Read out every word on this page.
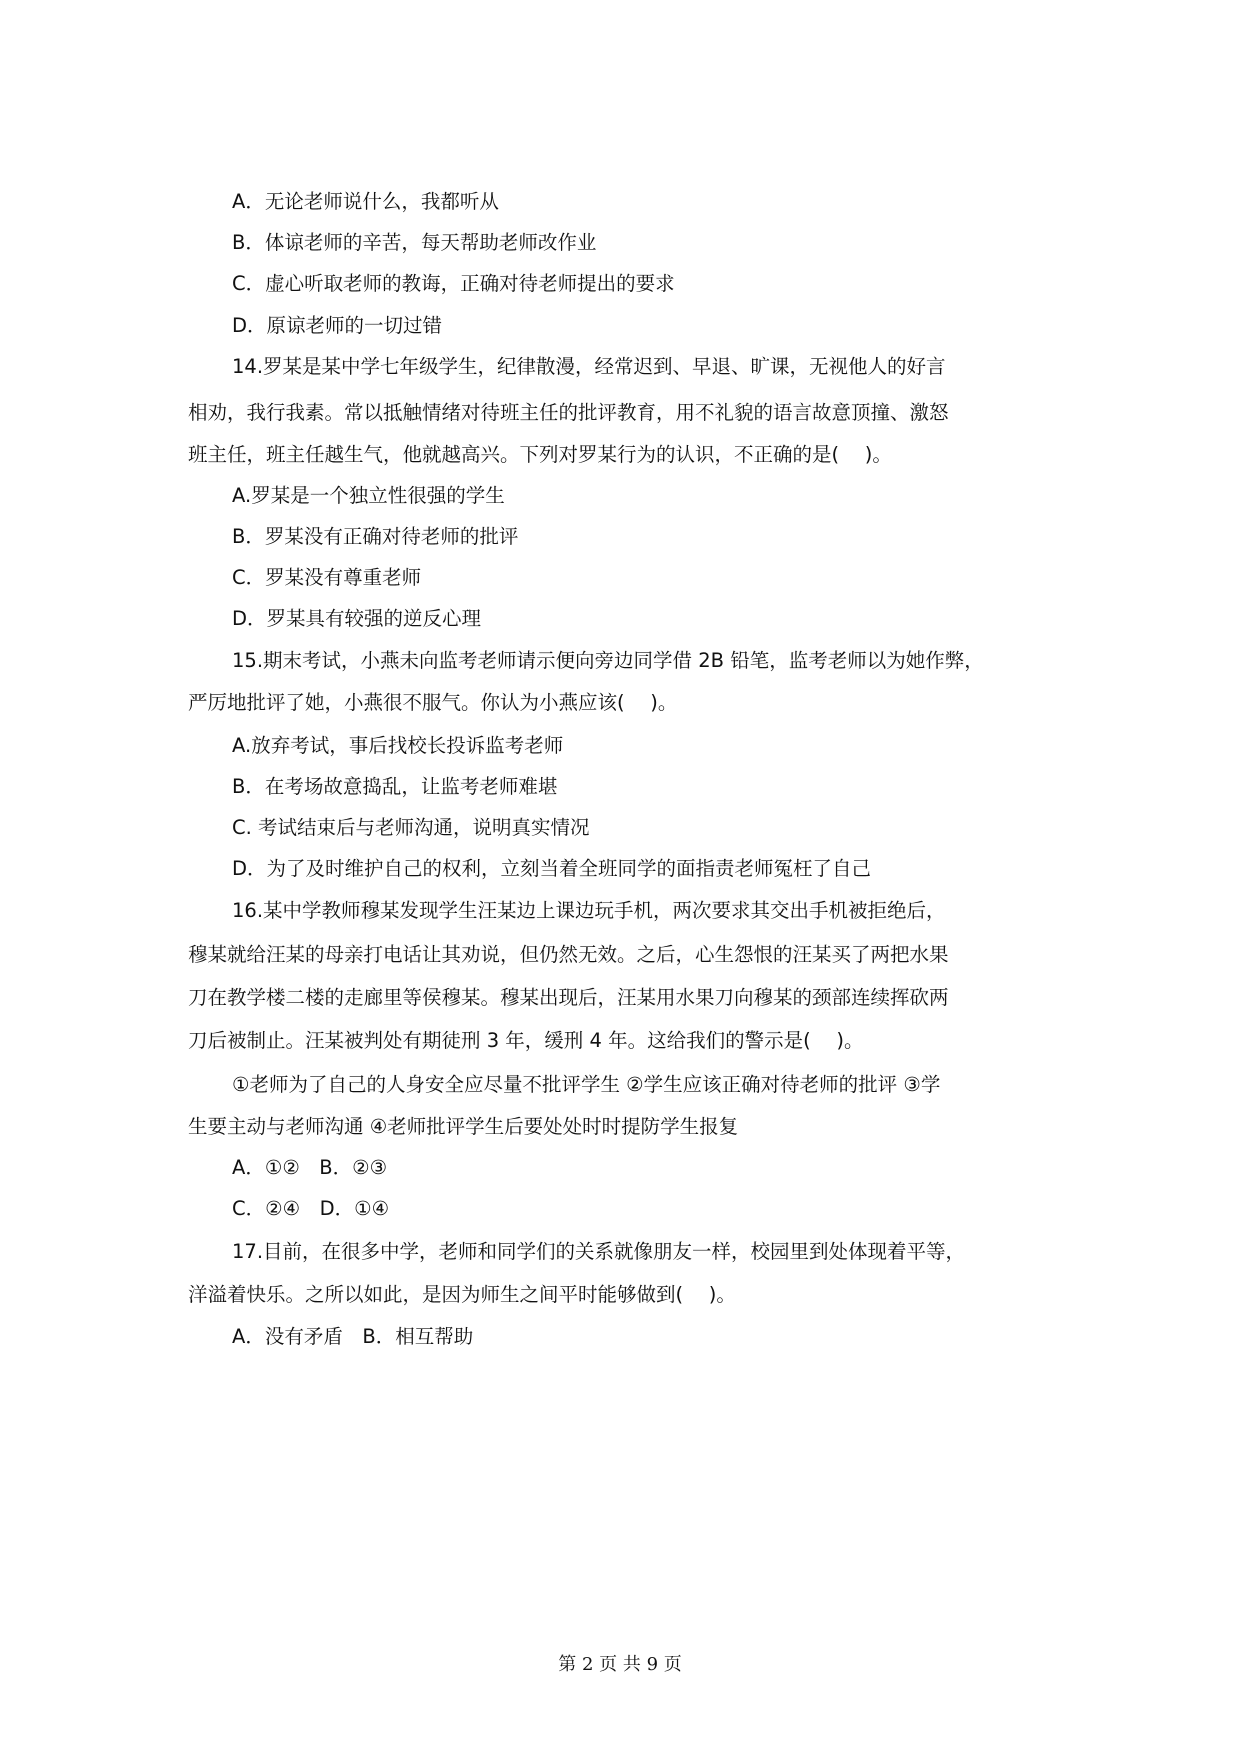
A．无论老师说什么，我都听从
B．体谅老师的辛苦，每天帮助老师改作业
C．虚心听取老师的教诲，正确对待老师提出的要求
D．原谅老师的一切过错
14.罗某是某中学七年级学生，纪律散漫，经常迟到、早退、旷课，无视他人的好言
相劝，我行我素。常以抵触情绪对待班主任的批评教育，用不礼貌的语言故意顶撞、激怒
班主任，班主任越生气，他就越高兴。下列对罗某行为的认识，不正确的是(　 )。
A.罗某是一个独立性很强的学生
B．罗某没有正确对待老师的批评
C．罗某没有尊重老师
D．罗某具有较强的逆反心理
15.期末考试，小燕未向监考老师请示便向旁边同学借 2B 铅笔，监考老师以为她作弊，
严厉地批评了她，小燕很不服气。你认为小燕应该(　 )。
A.放弃考试，事后找校长投诉监考老师
B．在考场故意捣乱，让监考老师难堪
C. 考试结束后与老师沟通，说明真实情况
D．为了及时维护自己的权利，立刻当着全班同学的面指责老师冤枉了自己
16.某中学教师穆某发现学生汪某边上课边玩手机，两次要求其交出手机被拒绝后，
穆某就给汪某的母亲打电话让其劝说，但仍然无效。之后，心生怨恨的汪某买了两把水果
刀在教学楼二楼的走廊里等侯穆某。穆某出现后，汪某用水果刀向穆某的颈部连续挥砍两
刀后被制止。汪某被判处有期徒刑 3 年，缓刑 4 年。这给我们的警示是(　 )。
①老师为了自己的人身安全应尽量不批评学生 ②学生应该正确对待老师的批评 ③学
生要主动与老师沟通 ④老师批评学生后要处处时时提防学生报复
A．①②　B．②③
C．②④　D．①④
17.目前，在很多中学，老师和同学们的关系就像朋友一样，校园里到处体现着平等，
洋溢着快乐。之所以如此，是因为师生之间平时能够做到(　 )。
A．没有矛盾　B．相互帮助
第 2 页 共 9 页
